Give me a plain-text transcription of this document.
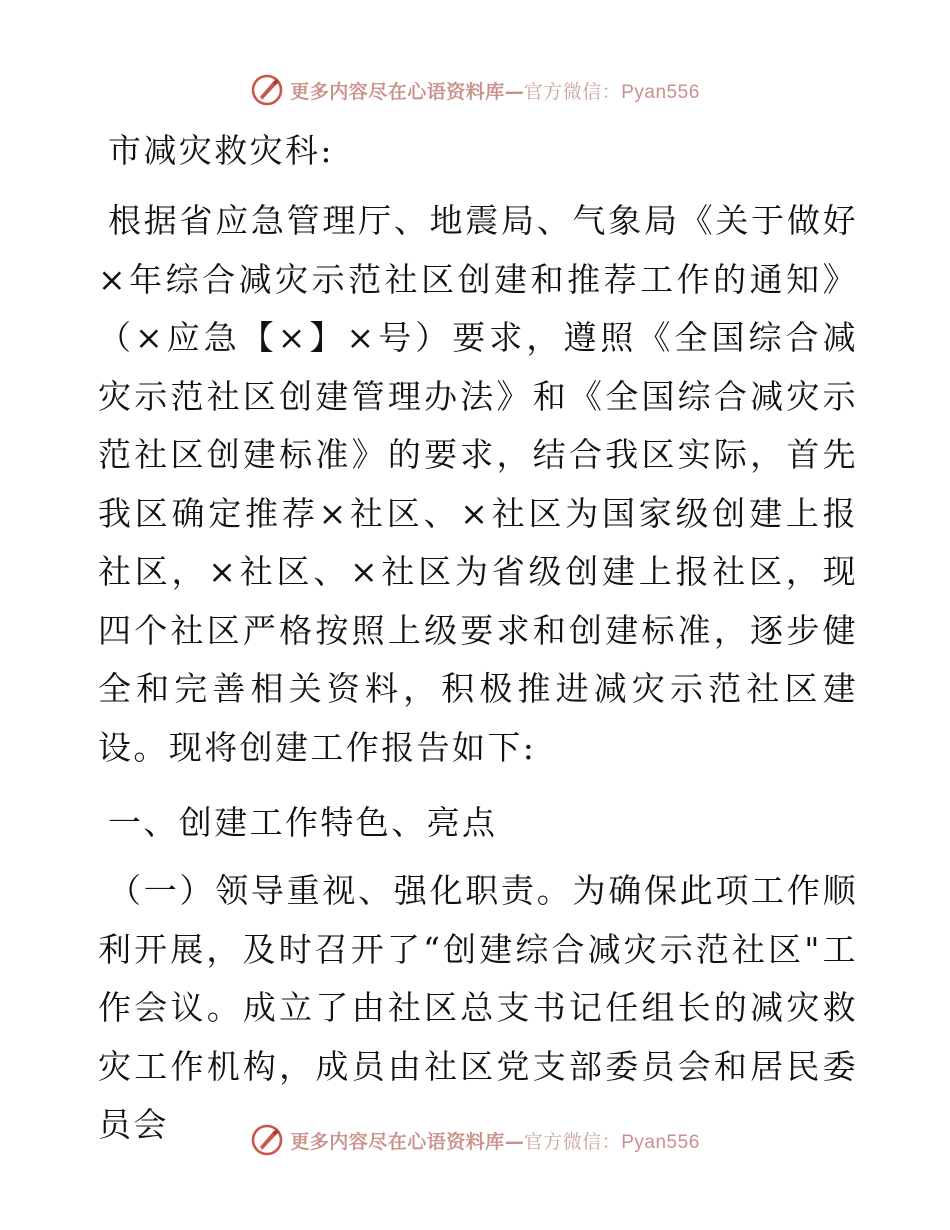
更多内容尽在心语资料库—官方微信：Pyan556
市减灾救灾科:

根据省应急管理厅、地震局、气象局《关于做好×年综合减灾示范社区创建和推荐工作的通知》（×应急【×】×号）要求，遵照《全国综合减灾示范社区创建管理办法》和《全国综合减灾示范社区创建标准》的要求，结合我区实际，首先我区确定推荐×社区、×社区为国家级创建上报社区，×社区、×社区为省级创建上报社区，现四个社区严格按照上级要求和创建标准，逐步健全和完善相关资料，积极推进减灾示范社区建设。现将创建工作报告如下:

一、创建工作特色、亮点

（一）领导重视、强化职责。为确保此项工作顺利开展，及时召开了“创建综合减灾示范社区"工作会议。成立了由社区总支书记任组长的减灾救灾工作机构，成员由社区党支部委员会和居民委员会	更多内容尽在心语资料库—官方微信：Pyan556
